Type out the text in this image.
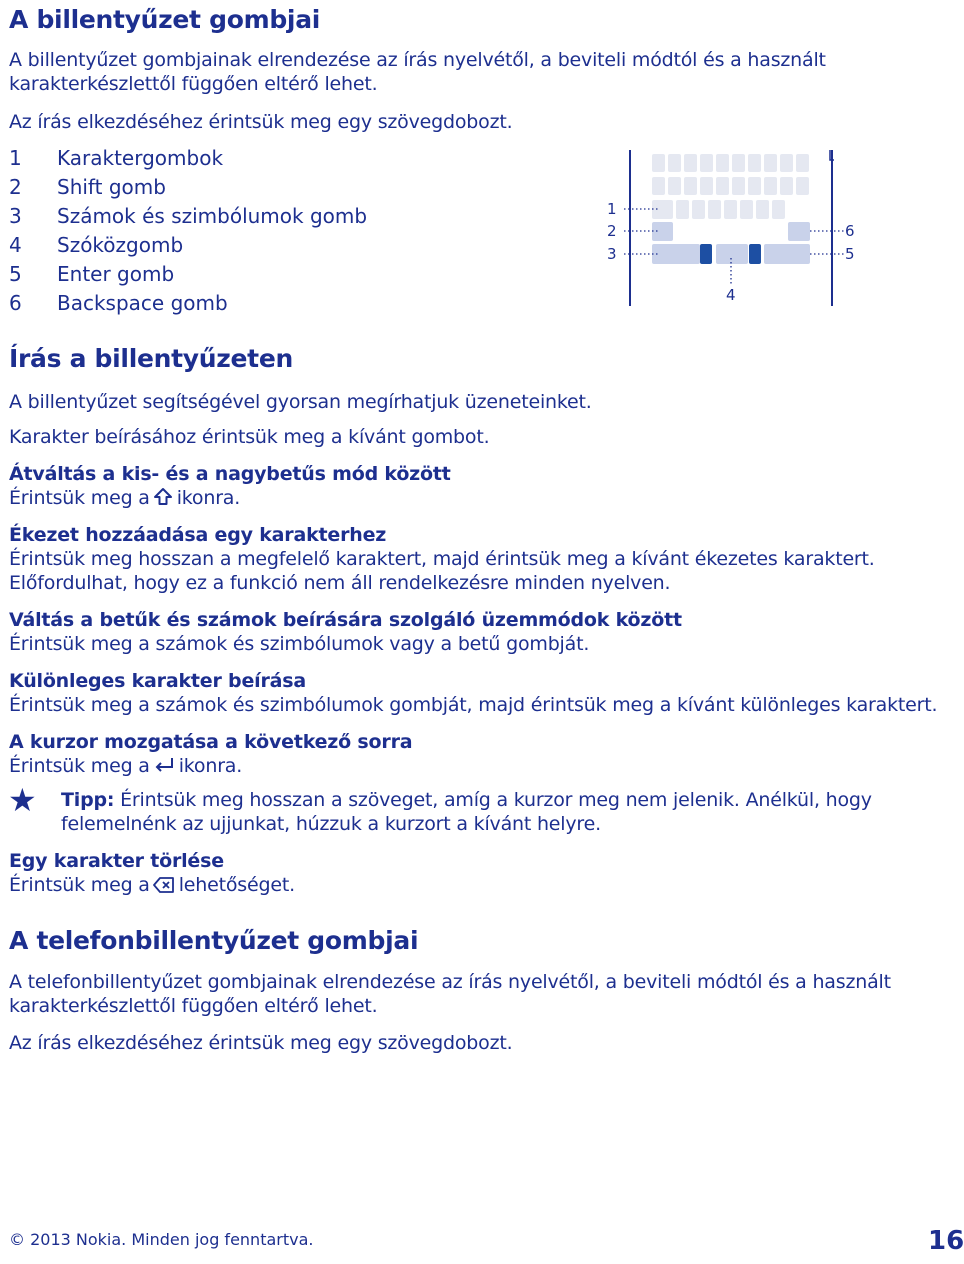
A billentyűzet gombjai
A billentyűzet gombjainak elrendezése az írás nyelvétől, a beviteli módtól és a használt
karakterkészlettől függően eltérő lehet.
Az írás elkezdéséhez érintsük meg egy szövegdobozt.
1 Karaktergombok
2 Shift gomb
3 Számok és szimbólumok gomb
4 Szóközgomb
5 Enter gomb
6 Backspace gomb
1
2
3
4
5
6
Írás a billentyűzeten
A billentyűzet segítségével gyorsan megírhatjuk üzeneteinket.
Karakter beírásához érintsük meg a kívánt gombot.
Átváltás a kis- és a nagybetűs mód között
Érintsük meg a ikonra.
Ékezet hozzáadása egy karakterhez
Érintsük meg hosszan a megfelelő karaktert, majd érintsük meg a kívánt ékezetes karaktert.
Előfordulhat, hogy ez a funkció nem áll rendelkezésre minden nyelven.
Váltás a betűk és számok beírására szolgáló üzemmódok között
Érintsük meg a számok és szimbólumok vagy a betű gombját.
Különleges karakter beírása
Érintsük meg a számok és szimbólumok gombját, majd érintsük meg a kívánt különleges karaktert.
A kurzor mozgatása a következő sorra
Érintsük meg a ikonra.
★ Tipp: Érintsük meg hosszan a szöveget, amíg a kurzor meg nem jelenik. Anélkül, hogy
felemelnénk az ujjunkat, húzzuk a kurzort a kívánt helyre.
Egy karakter törlése
Érintsük meg a lehetőséget.
A telefonbillentyűzet gombjai
A telefonbillentyűzet gombjainak elrendezése az írás nyelvétől, a beviteli módtól és a használt
karakterkészlettől függően eltérő lehet.
Az írás elkezdéséhez érintsük meg egy szövegdobozt.
© 2013 Nokia. Minden jog fenntartva.	16
